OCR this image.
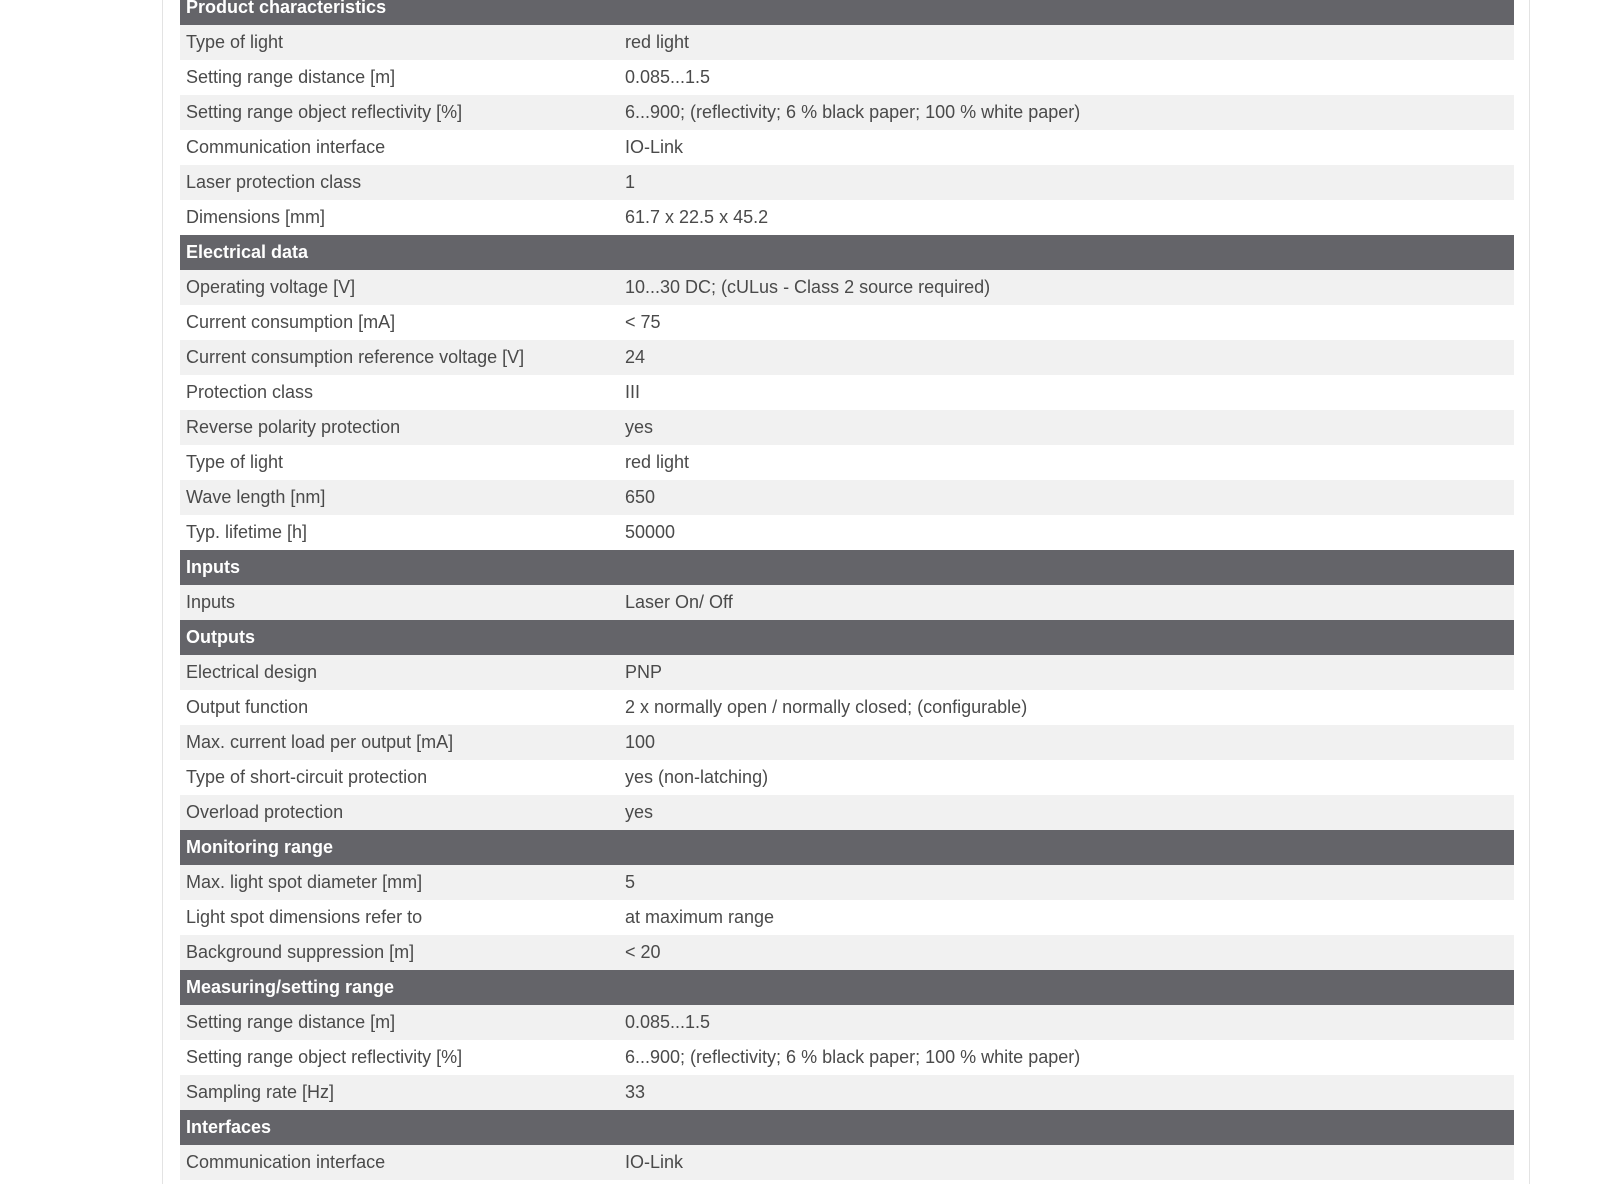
Product characteristics
Type of light	red light
Setting range distance [m]	0.085...1.5
Setting range object reflectivity [%]	6...900; (reflectivity; 6 % black paper; 100 % white paper)
Communication interface	IO-Link
Laser protection class	1
Dimensions [mm]	61.7 x 22.5 x 45.2
Electrical data
Operating voltage [V]	10...30 DC; (cULus - Class 2 source required)
Current consumption [mA]	< 75
Current consumption reference voltage [V]	24
Protection class	III
Reverse polarity protection	yes
Type of light	red light
Wave length [nm]	650
Typ. lifetime [h]	50000
Inputs
Inputs	Laser On/ Off
Outputs
Electrical design	PNP
Output function	2 x normally open / normally closed; (configurable)
Max. current load per output [mA]	100
Type of short-circuit protection	yes (non-latching)
Overload protection	yes
Monitoring range
Max. light spot diameter [mm]	5
Light spot dimensions refer to	at maximum range
Background suppression [m]	< 20
Measuring/setting range
Setting range distance [m]	0.085...1.5
Setting range object reflectivity [%]	6...900; (reflectivity; 6 % black paper; 100 % white paper)
Sampling rate [Hz]	33
Interfaces
Communication interface	IO-Link
